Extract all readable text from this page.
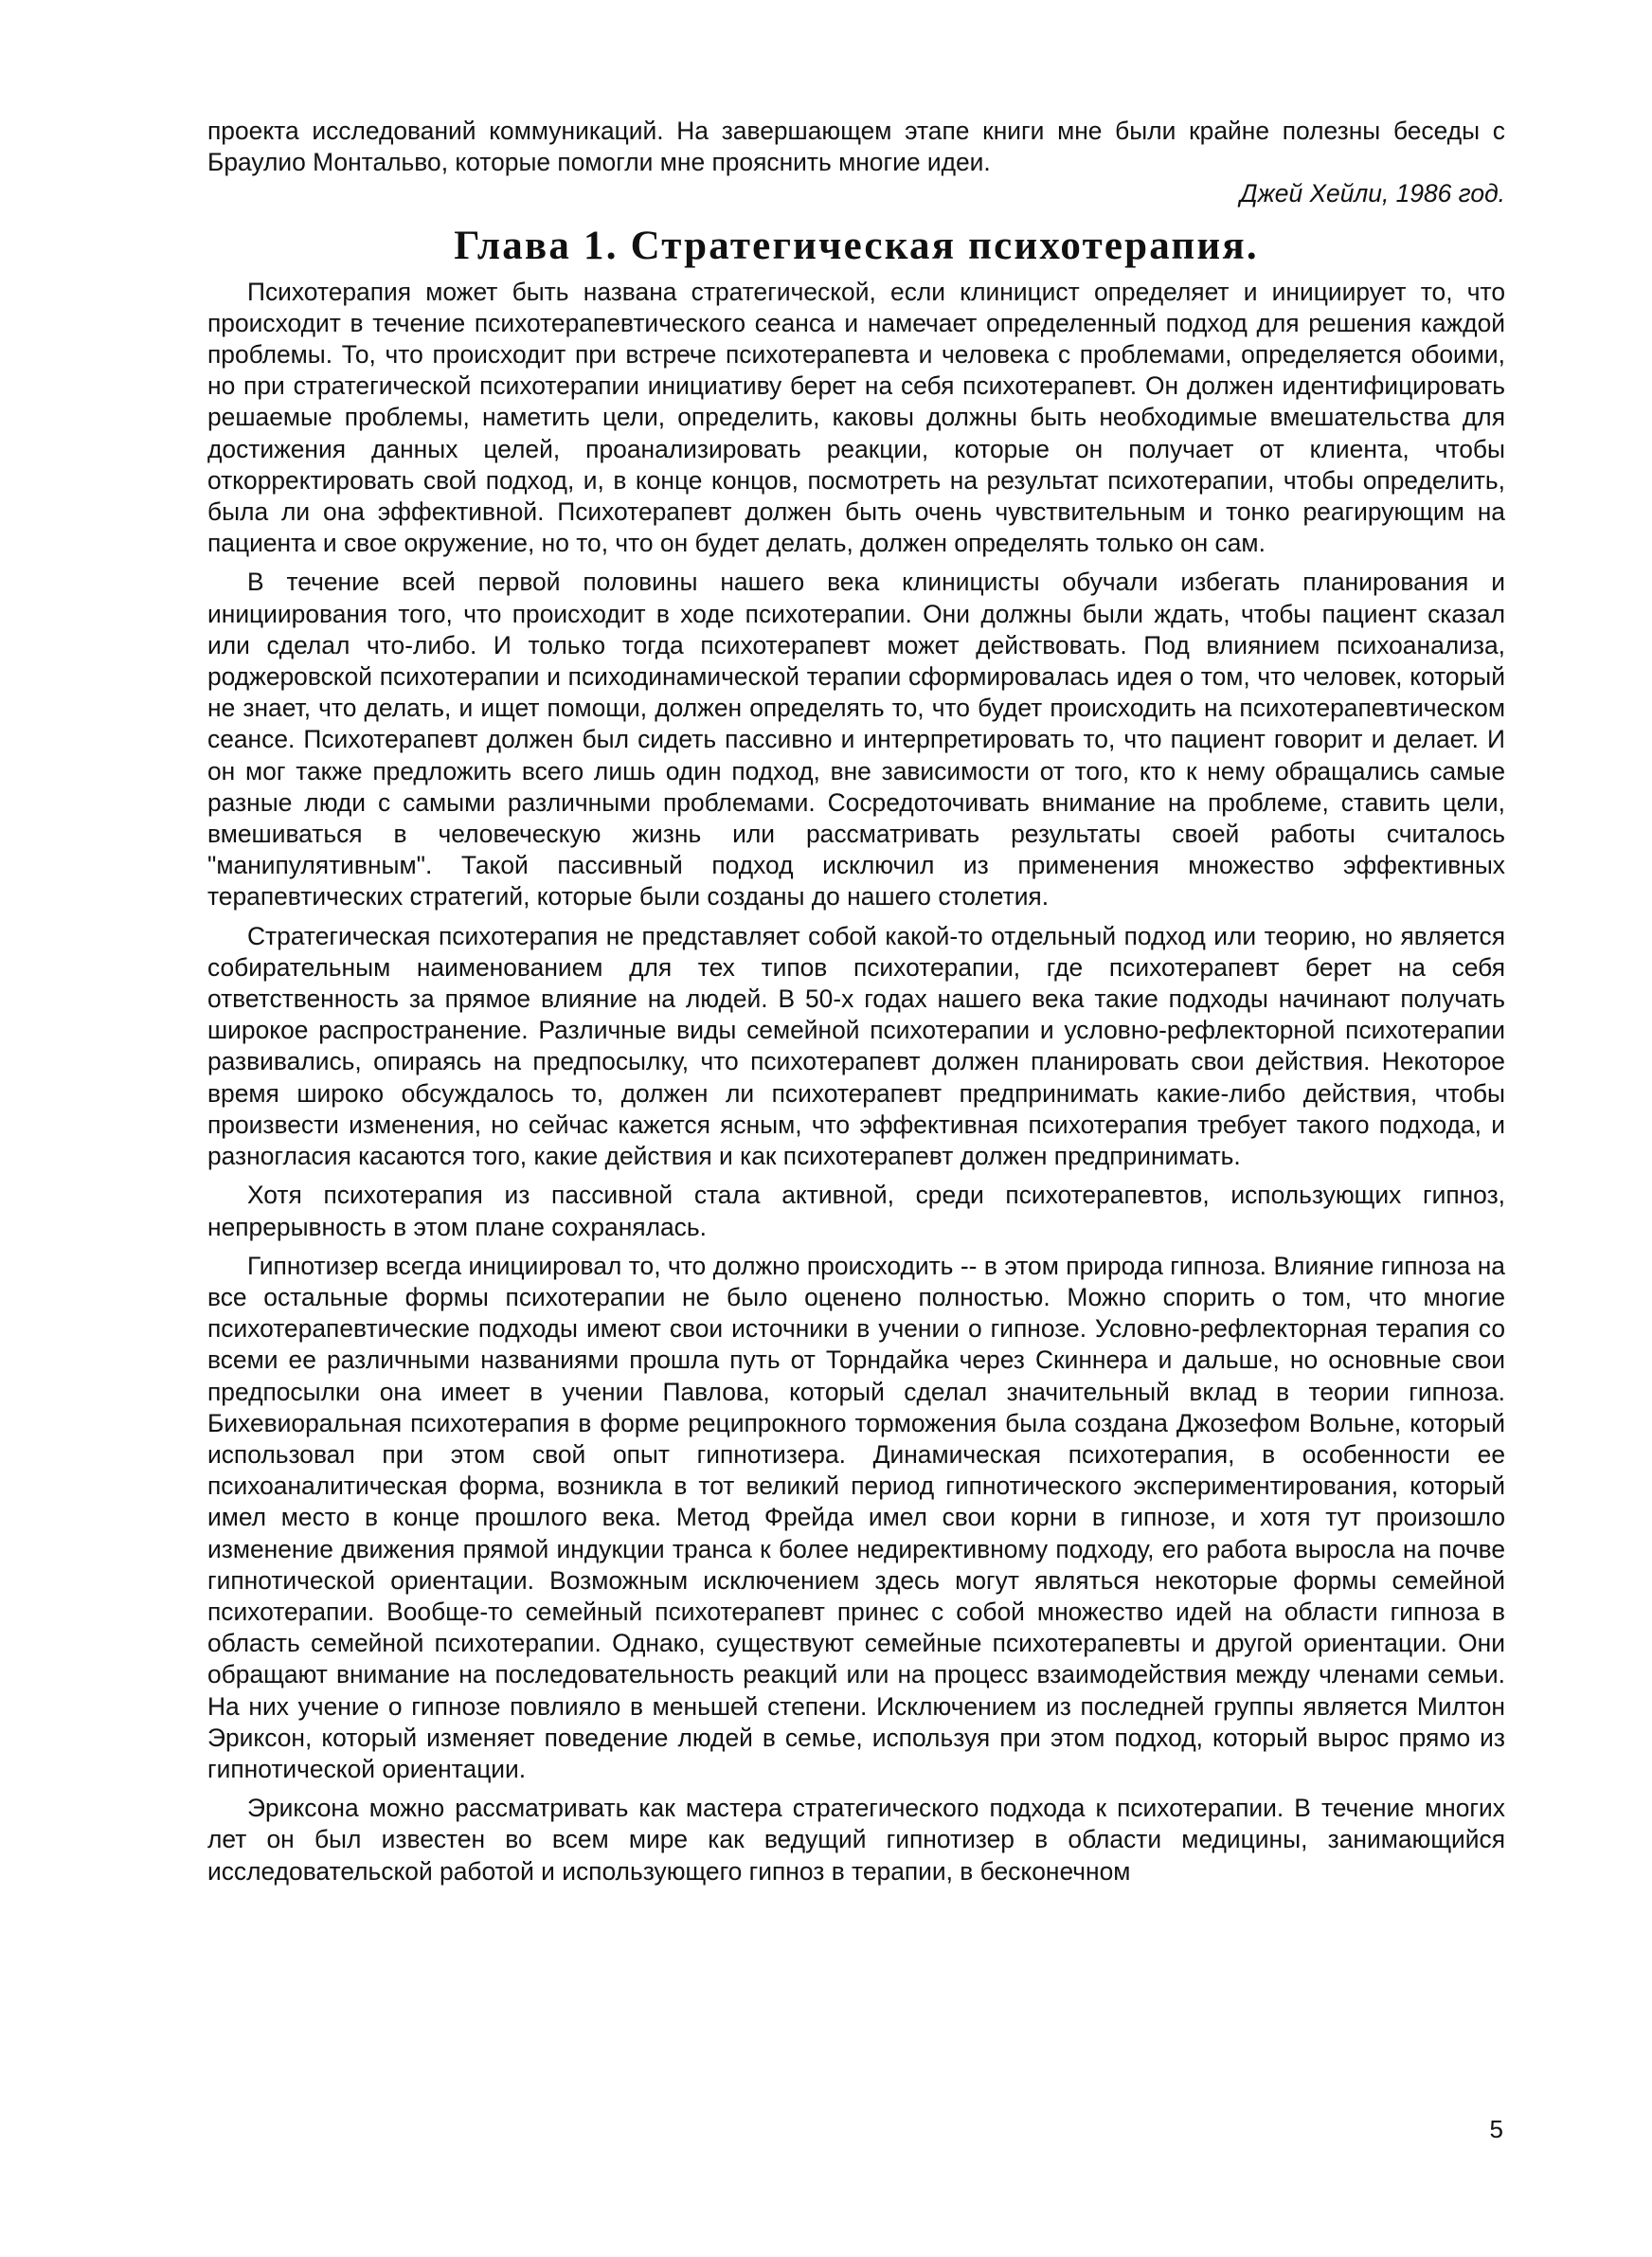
проекта исследований коммуникаций. На завершающем этапе книги мне были крайне полезны беседы с Браулио Монтальво, которые помогли мне прояснить многие идеи.

Джей Хейли, 1986 год.

Глава 1. Стратегическая психотерапия.

Психотерапия может быть названа стратегической, если клиницист определяет и инициирует то, что происходит в течение психотерапевтического сеанса и намечает определенный подход для решения каждой проблемы. То, что происходит при встрече психотерапевта и человека с проблемами, определяется обоими, но при стратегической психотерапии инициативу берет на себя психотерапевт. Он должен идентифицировать решаемые проблемы, наметить цели, определить, каковы должны быть необходимые вмешательства для достижения данных целей, проанализировать реакции, которые он получает от клиента, чтобы откорректировать свой подход, и, в конце концов, посмотреть на результат психотерапии, чтобы определить, была ли она эффективной. Психотерапевт должен быть очень чувствительным и тонко реагирующим на пациента и свое окружение, но то, что он будет делать, должен определять только он сам.

В течение всей первой половины нашего века клиницисты обучали избегать планирования и инициирования того, что происходит в ходе психотерапии. Они должны были ждать, чтобы пациент сказал или сделал что-либо. И только тогда психотерапевт может действовать. Под влиянием психоанализа, роджеровской психотерапии и психодинамической терапии сформировалась идея о том, что человек, который не знает, что делать, и ищет помощи, должен определять то, что будет происходить на психотерапевтическом сеансе. Психотерапевт должен был сидеть пассивно и интерпретировать то, что пациент говорит и делает. И он мог также предложить всего лишь один подход, вне зависимости от того, кто к нему обращались самые разные люди с самыми различными проблемами. Сосредоточивать внимание на проблеме, ставить цели, вмешиваться в человеческую жизнь или рассматривать результаты своей работы считалось "манипулятивным". Такой пассивный подход исключил из применения множество эффективных терапевтических стратегий, которые были созданы до нашего столетия.

Стратегическая психотерапия не представляет собой какой-то отдельный подход или теорию, но является собирательным наименованием для тех типов психотерапии, где психотерапевт берет на себя ответственность за прямое влияние на людей. В 50-х годах нашего века такие подходы начинают получать широкое распространение. Различные виды семейной психотерапии и условно-рефлекторной психотерапии развивались, опираясь на предпосылку, что психотерапевт должен планировать свои действия. Некоторое время широко обсуждалось то, должен ли психотерапевт предпринимать какие-либо действия, чтобы произвести изменения, но сейчас кажется ясным, что эффективная психотерапия требует такого подхода, и разногласия касаются того, какие действия и как психотерапевт должен предпринимать.

Хотя психотерапия из пассивной стала активной, среди психотерапевтов, использующих гипноз, непрерывность в этом плане сохранялась.

Гипнотизер всегда инициировал то, что должно происходить -- в этом природа гипноза. Влияние гипноза на все остальные формы психотерапии не было оценено полностью. Можно спорить о том, что многие психотерапевтические подходы имеют свои источники в учении о гипнозе. Условно-рефлекторная терапия со всеми ее различными названиями прошла путь от Торндайка через Скиннера и дальше, но основные свои предпосылки она имеет в учении Павлова, который сделал значительный вклад в теории гипноза. Бихевиоральная психотерапия в форме реципрокного торможения была создана Джозефом Вольне, который использовал при этом свой опыт гипнотизера. Динамическая психотерапия, в особенности ее психоаналитическая форма, возникла в тот великий период гипнотического экспериментирования, который имел место в конце прошлого века. Метод Фрейда имел свои корни в гипнозе, и хотя тут произошло изменение движения прямой индукции транса к более недирективному подходу, его работа выросла на почве гипнотической ориентации. Возможным исключением здесь могут являться некоторые формы семейной психотерапии. Вообще-то семейный психотерапевт принес с собой множество идей на области гипноза в область семейной психотерапии. Однако, существуют семейные психотерапевты и другой ориентации. Они обращают внимание на последовательность реакций или на процесс взаимодействия между членами семьи. На них учение о гипнозе повлияло в меньшей степени. Исключением из последней группы является Милтон Эриксон, который изменяет поведение людей в семье, используя при этом подход, который вырос прямо из гипнотической ориентации.

Эриксона можно рассматривать как мастера стратегического подхода к психотерапии. В течение многих лет он был известен во всем мире как ведущий гипнотизер в области медицины, занимающийся исследовательской работой и использующего гипноз в терапии, в бесконечном

5
